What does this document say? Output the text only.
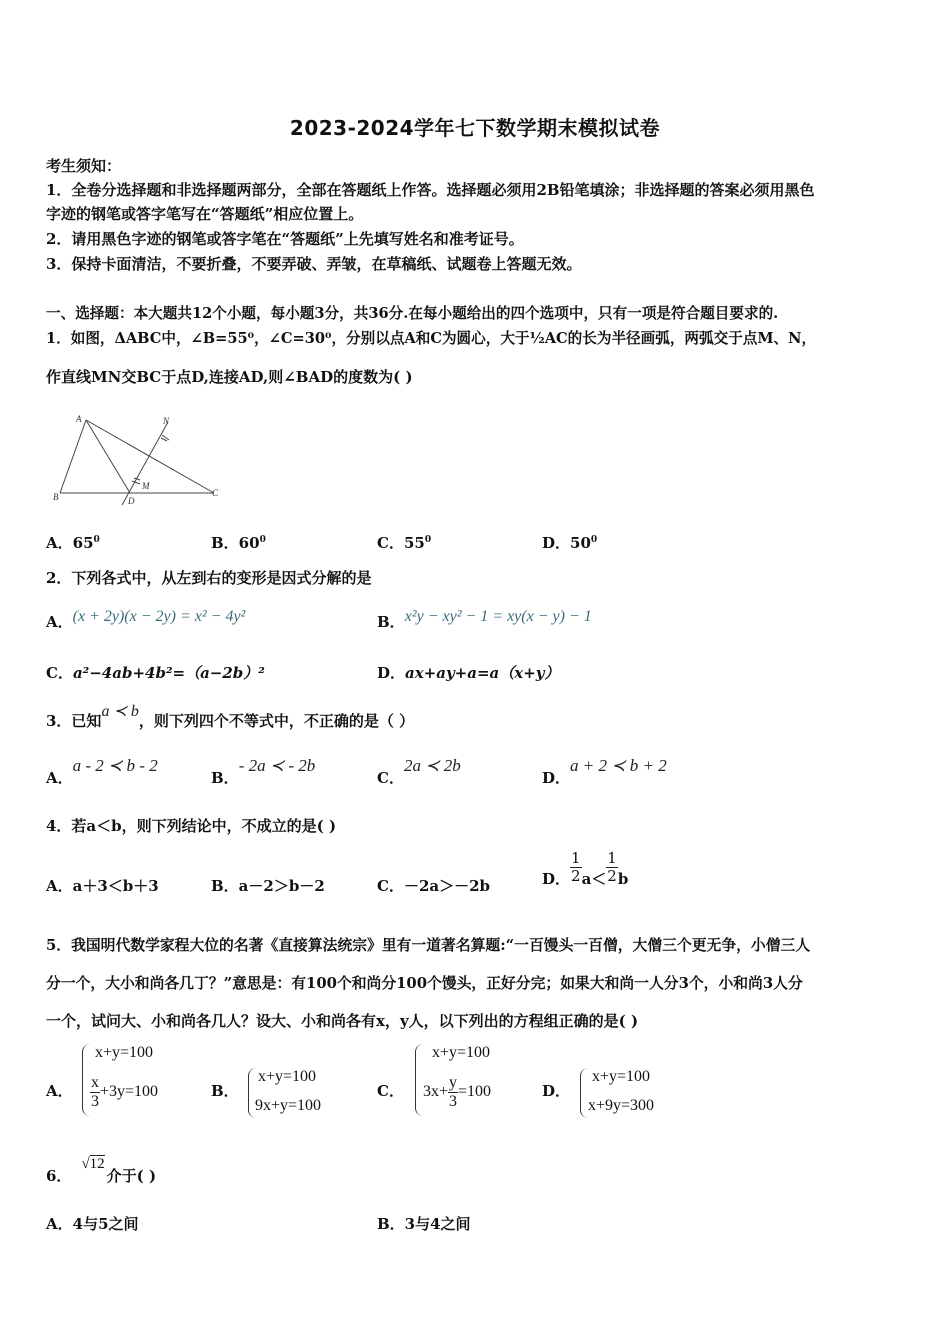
2023-2024学年七下数学期末模拟试卷
考生须知：
1．全卷分选择题和非选择题两部分，全部在答题纸上作答。选择题必须用2B铅笔填涂；非选择题的答案必须用黑色
字迹的钢笔或答字笔写在“答题纸”相应位置上。
2．请用黑色字迹的钢笔或答字笔在“答题纸”上先填写姓名和准考证号。
3．保持卡面清洁，不要折叠，不要弄破、弄皱，在草稿纸、试题卷上答题无效。
一、选择题：本大题共12个小题，每小题3分，共36分.在每小题给出的四个选项中，只有一项是符合题目要求的.
1．如图，ΔABC中，∠B=55⁰，∠C=30⁰，分别以点A和C为圆心，大于½AC的长为半径画弧，两弧交于点M、N，
作直线MN交BC于点D,连接AD,则∠BAD的度数为( )
A
B	C
D
M
N
A．$65^0$	B．$60^0$	C．$55^0$	D．$50^0$
2．下列各式中，从左到右的变形是因式分解的是
A．(x + 2y)(x − 2y) = x² − 4y²	B．x²y − xy² − 1 = xy(x − y) − 1
C．a²−4ab+4b²=（a−2b）²	D．ax+ay+a=a（x+y）
3．已知a ≺ b，则下列四个不等式中，不正确的是（ ）
A．a - 2 ≺ b - 2
B．- 2a ≺ - 2b
C．2a ≺ 2b
D．a + 2 ≺ b + 2
4．若a＜b，则下列结论中，不成立的是( )
A．a＋3＜b＋3	B．a－2＞b－2	C．－2a＞－2b	D． $\frac{1}{2} a< \frac{1}{2}$ b
5．我国明代数学家程大位的名著《直接算法统宗》里有一道著名算题:“一百馒头一百僧，大僧三个更无争，小僧三人
分一个，大小和尚各几丁？”意思是：有100个和尚分100个馒头，正好分完；如果大和尚一人分3个，小和尚3人分
一个，试问大、小和尚各几人？设大、小和尚各有x，y人，以下列出的方程组正确的是( )
A．
x+y=100
$\frac{x}{3} +3y=100$	B．
x+y=100
9x+y=100
C．
x+y=100
$3x+ \frac{y}{3} =100$	D．
x+y=100
x+9y=300
6．√12介于( )
A．4与5之间	B．3与4之间
